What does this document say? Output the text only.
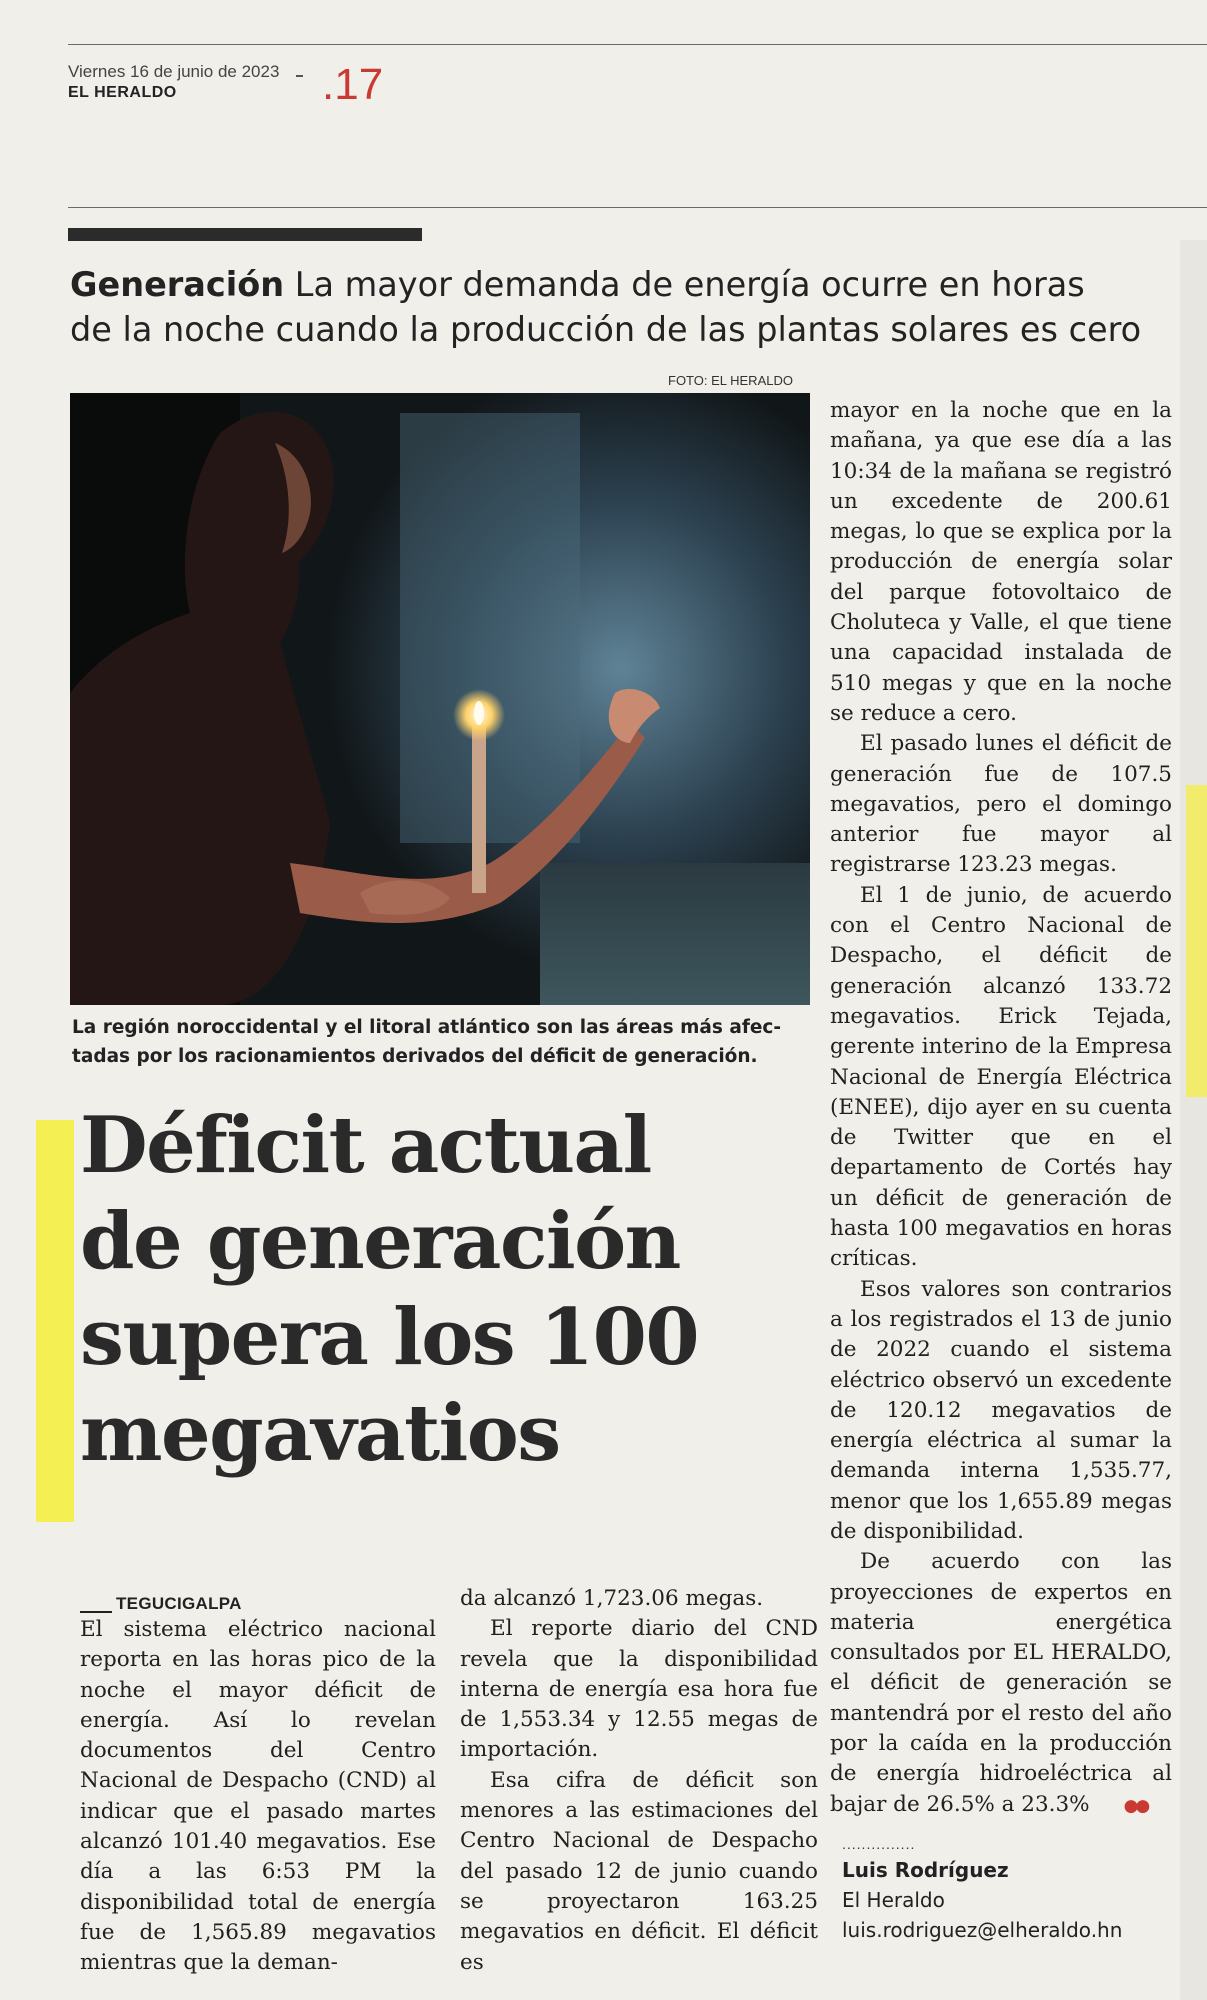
Viernes 16 de junio de 2023
EL HERALDO	.17
Generación La mayor demanda de energía ocurre en horas
de la noche cuando la producción de las plantas solares es cero
FOTO: EL HERALDO
La región noroccidental y el litoral atlántico son las áreas más afec-
tadas por los racionamientos derivados del déficit de generación.
Déficit actual
de generación
supera los 100
megavatios

mayor en la noche que en la mañana, ya que ese día a las 10:34 de la mañana se registró un excedente de 200.61 megas, lo que se explica por la producción de energía solar del parque fotovoltaico de Choluteca y Valle, el que tiene una capacidad instalada de 510 megas y que en la noche se reduce a cero.

El pasado lunes el déficit de generación fue de 107.5 megavatios, pero el domingo anterior fue mayor al registrarse 123.23 megas.

El 1 de junio, de acuerdo con el Centro Nacional de Despacho, el déficit de generación alcanzó 133.72 megavatios. Erick Tejada, gerente interino de la Empresa Nacional de Energía Eléctrica (ENEE), dijo ayer en su cuenta de Twitter que en el departamento de Cortés hay un déficit de generación de hasta 100 megavatios en horas críticas.

Esos valores son contrarios a los registrados el 13 de junio de 2022 cuando el sistema eléctrico observó un excedente de 120.12 megavatios de energía eléctrica al sumar la demanda interna 1,535.77, menor que los 1,655.89 megas de disponibilidad.

De acuerdo con las proyecciones de expertos en materia energética consultados por EL HERALDO, el déficit de generación se mantendrá por el resto del año por la caída en la producción de energía hidroeléctrica al bajar de 26.5% a 23.3% ●●

TEGUCIGALPA

El sistema eléctrico nacional reporta en las horas pico de la noche el mayor déficit de energía. Así lo revelan documentos del Centro Nacional de Despacho (CND) al indicar que el pasado martes alcanzó 101.40 megavatios. Ese día a las 6:53 PM la disponibilidad total de energía fue de 1,565.89 megavatios mientras que la deman-

da alcanzó 1,723.06 megas.

El reporte diario del CND revela que la disponibilidad interna de energía esa hora fue de 1,553.34 y 12.55 megas de importación.

Esa cifra de déficit son menores a las estimaciones del Centro Nacional de Despacho del pasado 12 de junio cuando se proyectaron 163.25 megavatios en déficit. El déficit es

...............
Luis Rodríguez
El Heraldo
luis.rodriguez@elheraldo.hn
